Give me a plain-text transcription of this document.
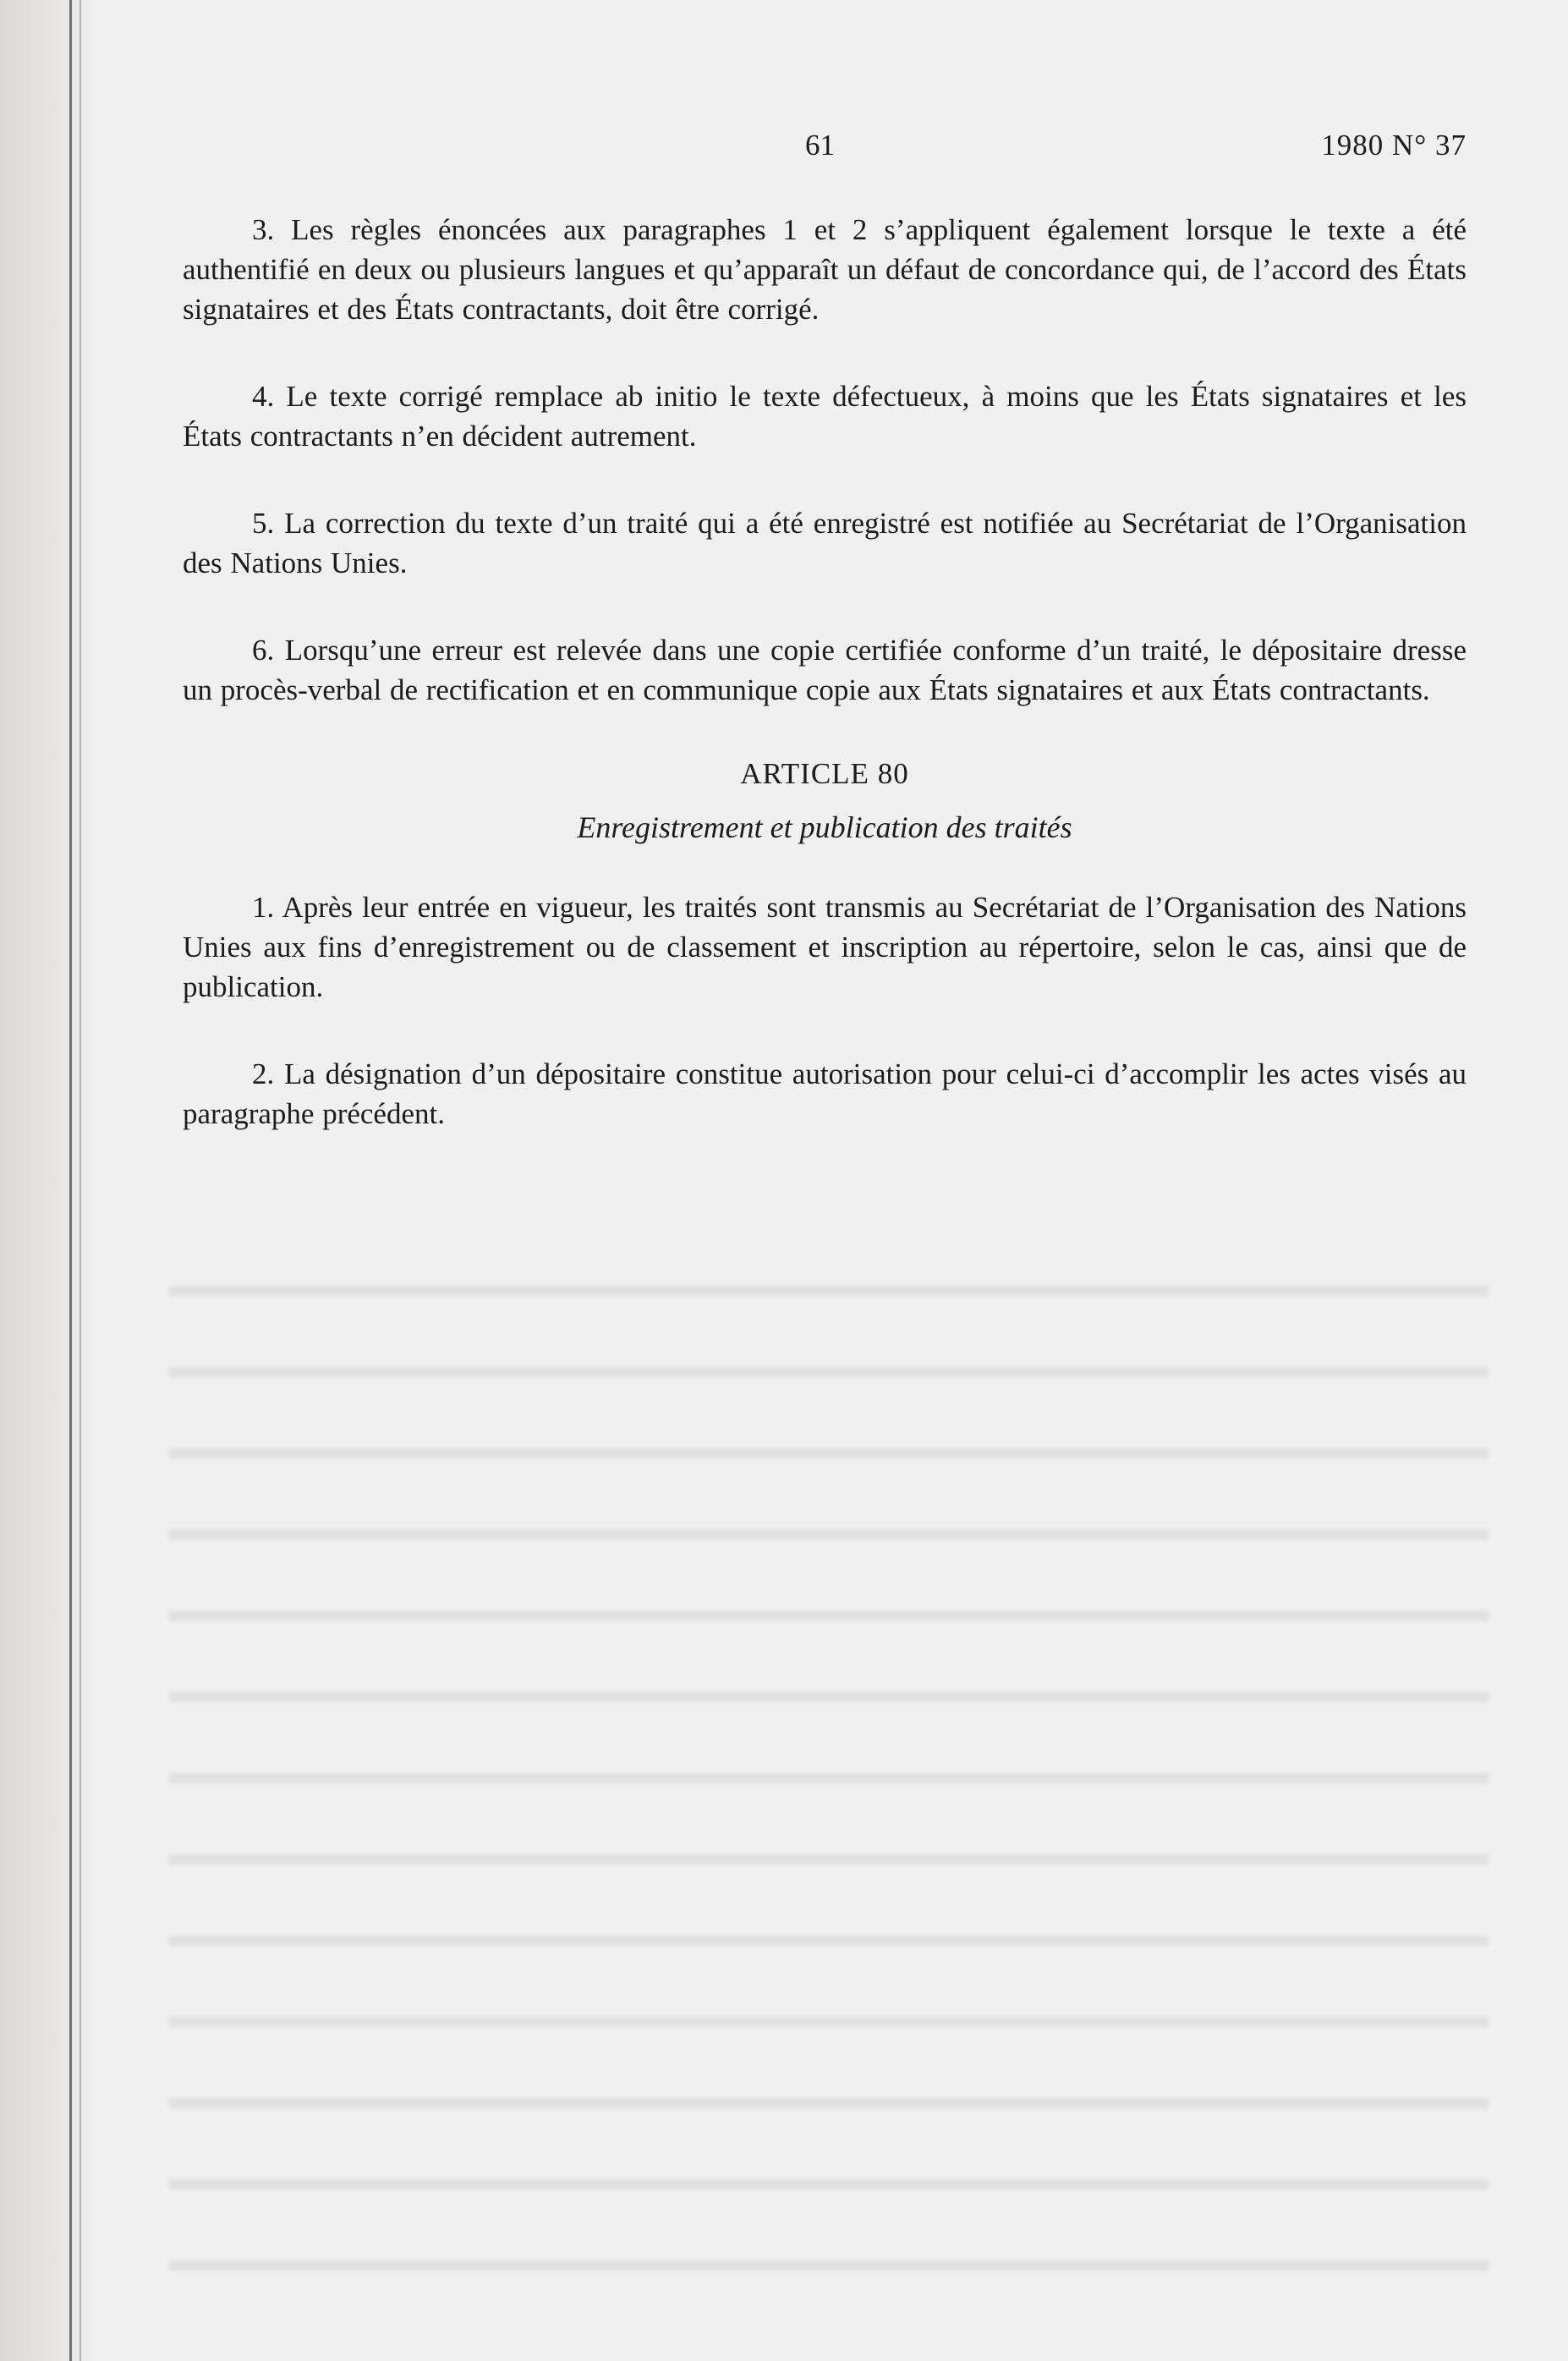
61	1980 N° 37

3. Les règles énoncées aux paragraphes 1 et 2 s’appliquent également lorsque le texte a été authentifié en deux ou plusieurs langues et qu’apparaît un défaut de concordance qui, de l’accord des États signataires et des États contractants, doit être corrigé.

4. Le texte corrigé remplace ab initio le texte défectueux, à moins que les États signataires et les États contractants n’en décident autrement.

5. La correction du texte d’un traité qui a été enregistré est notifiée au Secrétariat de l’Organisation des Nations Unies.

6. Lorsqu’une erreur est relevée dans une copie certifiée conforme d’un traité, le dépositaire dresse un procès-verbal de rectification et en communique copie aux États signataires et aux États contractants.

ARTICLE 80
Enregistrement et publication des traités

1. Après leur entrée en vigueur, les traités sont transmis au Secrétariat de l’Organisation des Nations Unies aux fins d’enregistrement ou de classement et inscription au répertoire, selon le cas, ainsi que de publication.

2. La désignation d’un dépositaire constitue autorisation pour celui-ci d’accomplir les actes visés au paragraphe précédent.
